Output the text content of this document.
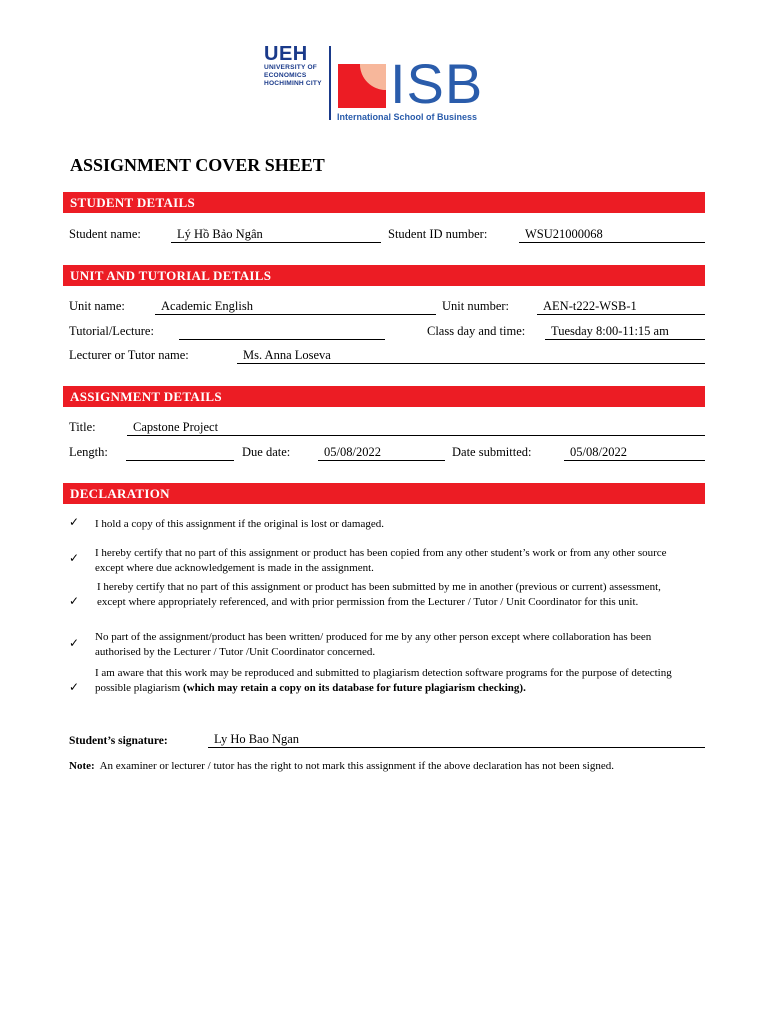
UEH
UNIVERSITY OF
ECONOMICS
HOCHIMINH CITY ISB
International School of Business
ASSIGNMENT COVER SHEET
STUDENT DETAILS
Student name:	Lý Hồ Bảo Ngân	Student ID number:	WSU21000068
UNIT AND TUTORIAL DETAILS
Unit name:	Academic English	Unit number:	AEN-t222-WSB-1
Tutorial/Lecture:	Class day and time:	Tuesday 8:00-11:15 am
Lecturer or Tutor name:	Ms. Anna Loseva
ASSIGNMENT DETAILS
Title:	Capstone Project
Length:	Due date:	05/08/2022	Date submitted:	05/08/2022
DECLARATION
✓ I hold a copy of this assignment if the original is lost or damaged.
✓ I hereby certify that no part of this assignment or product has been copied from any other student’s work or from any other source except where due acknowledgement is made in the assignment.
✓
I hereby certify that no part of this assignment or product has been submitted by me in another (previous or current) assessment, except where appropriately referenced, and with prior permission from the Lecturer / Tutor / Unit Coordinator for this unit.
✓ No part of the assignment/product has been written/ produced for me by any other person except where collaboration has been authorised by the Lecturer / Tutor /Unit Coordinator concerned.
✓
I am aware that this work may be reproduced and submitted to plagiarism detection software programs for the purpose of detecting possible plagiarism (which may retain a copy on its database for future plagiarism checking).
Student’s signature:	Ly Ho Bao Ngan
Note: An examiner or lecturer / tutor has the right to not mark this assignment if the above declaration has not been signed.
